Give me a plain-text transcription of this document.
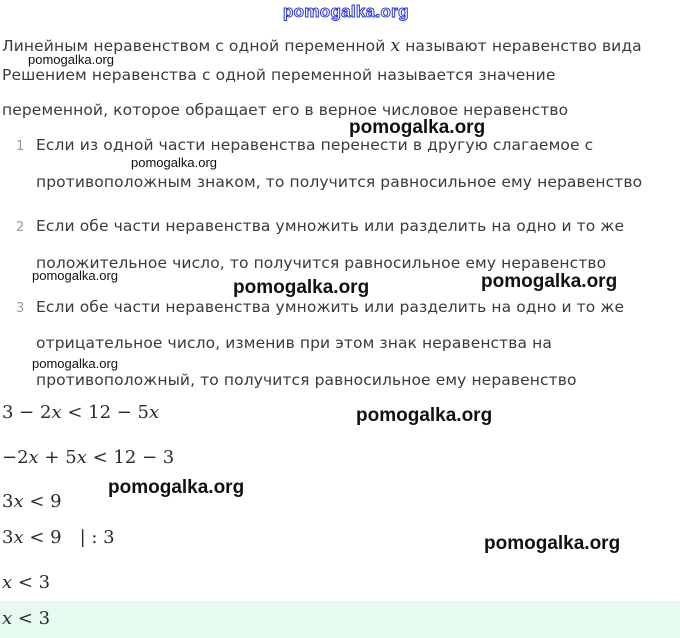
pomogalka.org
Линейным неравенством с одной переменной x называют неравенство вида
pomogalka.org
Решением неравенства с одной переменной называется значение
переменной, которое обращает его в верное числовое неравенство
pomogalka.org
1 Если из одной части неравенства перенести в другую слагаемое с
pomogalka.org
противоположным знаком, то получится равносильное ему неравенство
2 Если обе части неравенства умножить или разделить на одно и то же
положительное число, то получится равносильное ему неравенство
pomogalka.org	pomogalka.org
pomogalka.org
3 Если обе части неравенства умножить или разделить на одно и то же
отрицательное число, изменив при этом знак неравенства на
pomogalka.org
противоположный, то получится равносильное ему неравенство
3 − 2x < 12 − 5x	pomogalka.org
−2x + 5x < 12 − 3
pomogalka.org
3x < 9
3x < 9 | : 3	pomogalka.org
x < 3
x < 3
